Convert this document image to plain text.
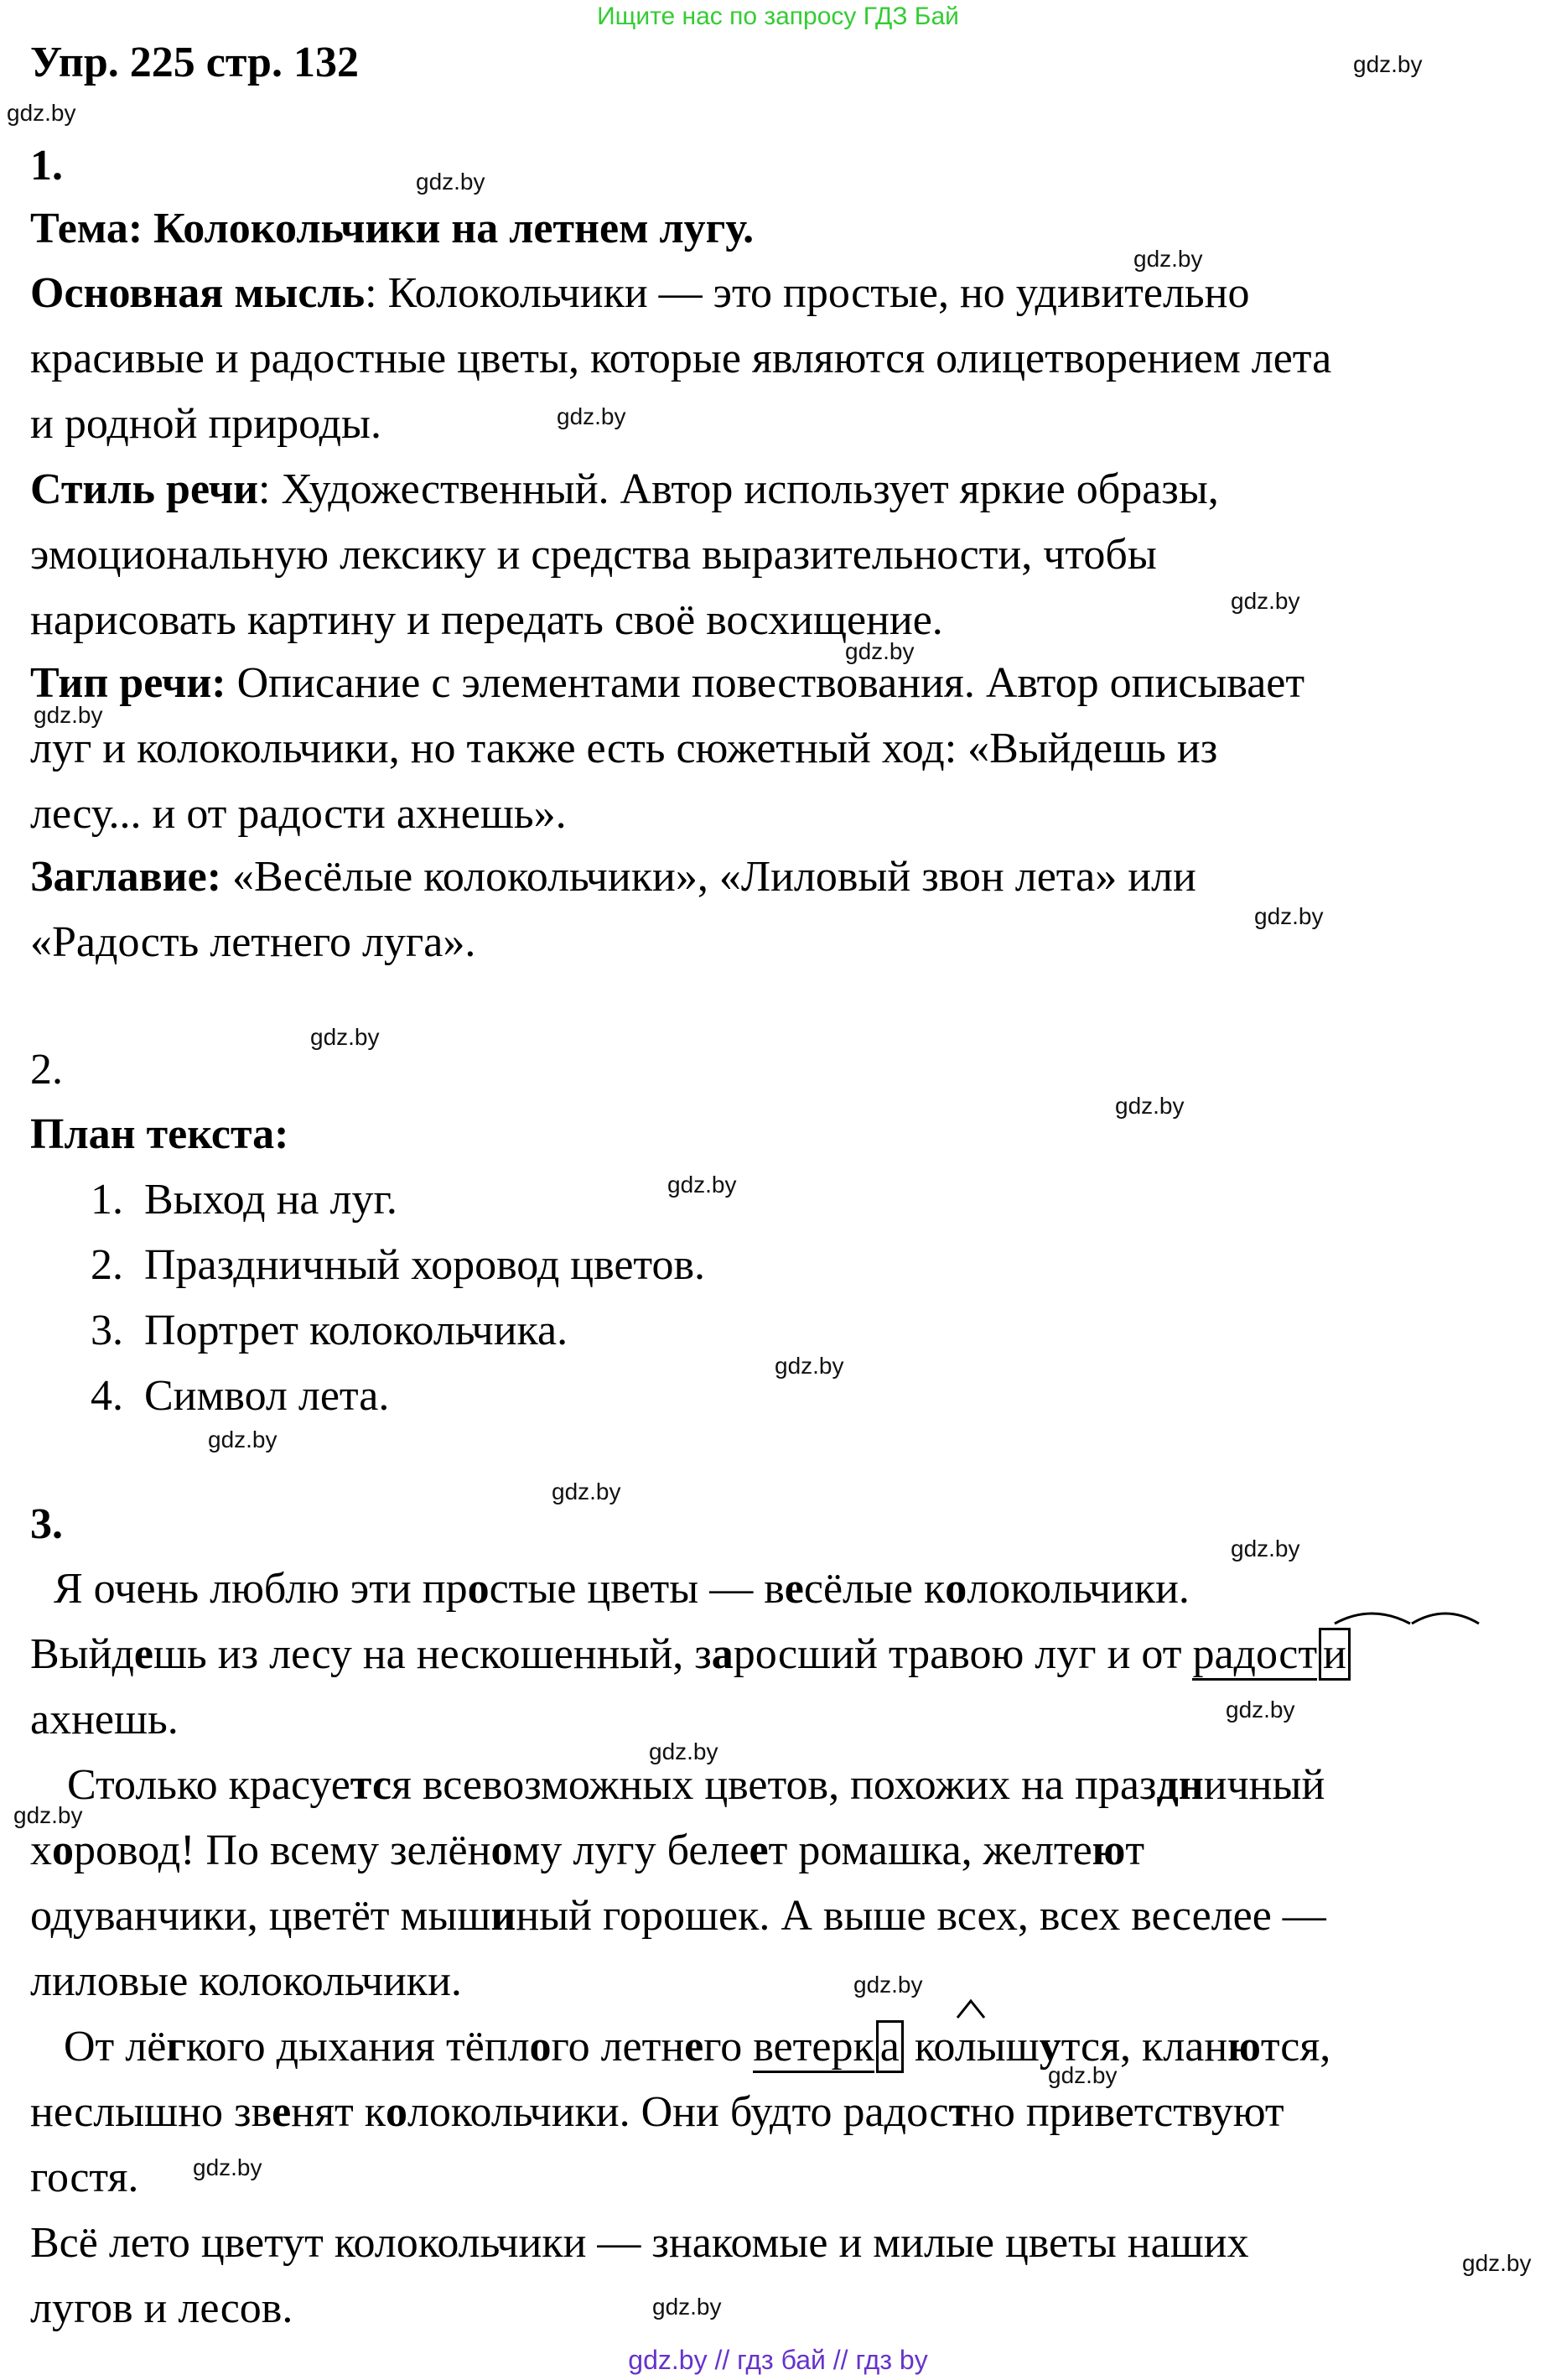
Ищите нас по запросу ГДЗ Бай
Упр. 225 стр. 132
1.
Тема: Колокольчики на летнем лугу.
Основная мысль: Колокольчики — это простые, но удивительно
красивые и радостные цветы, которые являются олицетворением лета
и родной природы.
Стиль речи: Художественный. Автор использует яркие образы,
эмоциональную лексику и средства выразительности, чтобы
нарисовать картину и передать своё восхищение.
Тип речи: Описание с элементами повествования. Автор описывает
луг и колокольчики, но также есть сюжетный ход: «Выйдешь из
лесу... и от радости ахнешь».
Заглавие: «Весёлые колокольчики», «Лиловый звон лета» или
«Радость летнего луга».
2.
План текста:
1. Выход на луг.
2. Праздничный хоровод цветов.
3. Портрет колокольчика.
4. Символ лета.
3.
Я очень люблю эти простые цветы — весёлые колокольчики.
Выйдешь из лесу на нескошенный, заросший травою луг и от радост и
ахнешь.
Столько красуется всевозможных цветов, похожих на праздничный
хоровод! По всему зелёному лугу белеет ромашка, желтеют
одуванчики, цветёт мышиный горошек. А выше всех, всех веселее —
лиловые колокольчики.
От лёгкого дыхания тёплого летнего ветерк а колышутся, кланются,
неслышно звенят колокольчики. Они будто радостно приветствуют
гостя.
Всё лето цветут колокольчики — знакомые и милые цветы наших
лугов и лесов.
gdz.by
gdz.by
gdz.by
gdz.by
gdz.by
gdz.by
gdz.by
gdz.by
gdz.by
gdz.by
gdz.by
gdz.by
gdz.by
gdz.by
gdz.by
gdz.by
gdz.by
gdz.by
gdz.by
gdz.by
gdz.by
gdz.by
gdz.by
gdz.by
gdz.by // гдз бай // гдз by
